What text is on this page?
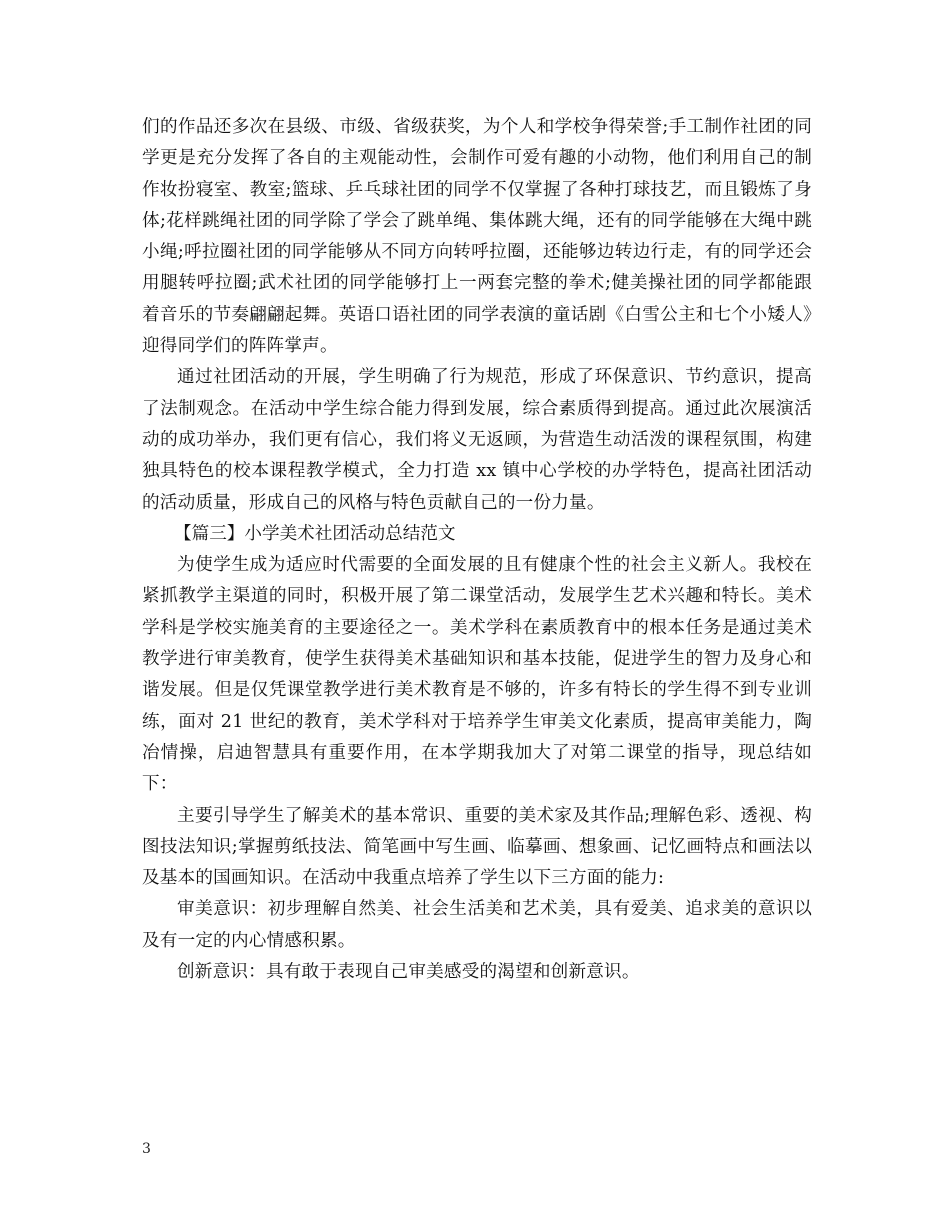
们的作品还多次在县级、市级、省级获奖，为个人和学校争得荣誉;手工制作社团的同学更是充分发挥了各自的主观能动性，会制作可爱有趣的小动物，他们利用自己的制作妆扮寝室、教室;篮球、乒乓球社团的同学不仅掌握了各种打球技艺，而且锻炼了身体;花样跳绳社团的同学除了学会了跳单绳、集体跳大绳，还有的同学能够在大绳中跳小绳;呼拉圈社团的同学能够从不同方向转呼拉圈，还能够边转边行走，有的同学还会用腿转呼拉圈;武术社团的同学能够打上一两套完整的拳术;健美操社团的同学都能跟着音乐的节奏翩翩起舞。英语口语社团的同学表演的童话剧《白雪公主和七个小矮人》迎得同学们的阵阵掌声。

通过社团活动的开展，学生明确了行为规范，形成了环保意识、节约意识，提高了法制观念。在活动中学生综合能力得到发展，综合素质得到提高。通过此次展演活动的成功举办，我们更有信心，我们将义无返顾，为营造生动活泼的课程氛围，构建独具特色的校本课程教学模式，全力打造 xx 镇中心学校的办学特色，提高社团活动的活动质量，形成自己的风格与特色贡献自己的一份力量。

【篇三】小学美术社团活动总结范文

为使学生成为适应时代需要的全面发展的且有健康个性的社会主义新人。我校在紧抓教学主渠道的同时，积极开展了第二课堂活动，发展学生艺术兴趣和特长。美术学科是学校实施美育的主要途径之一。美术学科在素质教育中的根本任务是通过美术教学进行审美教育，使学生获得美术基础知识和基本技能，促进学生的智力及身心和谐发展。但是仅凭课堂教学进行美术教育是不够的，许多有特长的学生得不到专业训练，面对 21 世纪的教育，美术学科对于培养学生审美文化素质，提高审美能力，陶冶情操，启迪智慧具有重要作用，在本学期我加大了对第二课堂的指导，现总结如下：

主要引导学生了解美术的基本常识、重要的美术家及其作品;理解色彩、透视、构图技法知识;掌握剪纸技法、简笔画中写生画、临摹画、想象画、记忆画特点和画法以及基本的国画知识。在活动中我重点培养了学生以下三方面的能力:

审美意识：初步理解自然美、社会生活美和艺术美，具有爱美、追求美的意识以及有一定的内心情感积累。

创新意识：具有敢于表现自己审美感受的渴望和创新意识。

3
